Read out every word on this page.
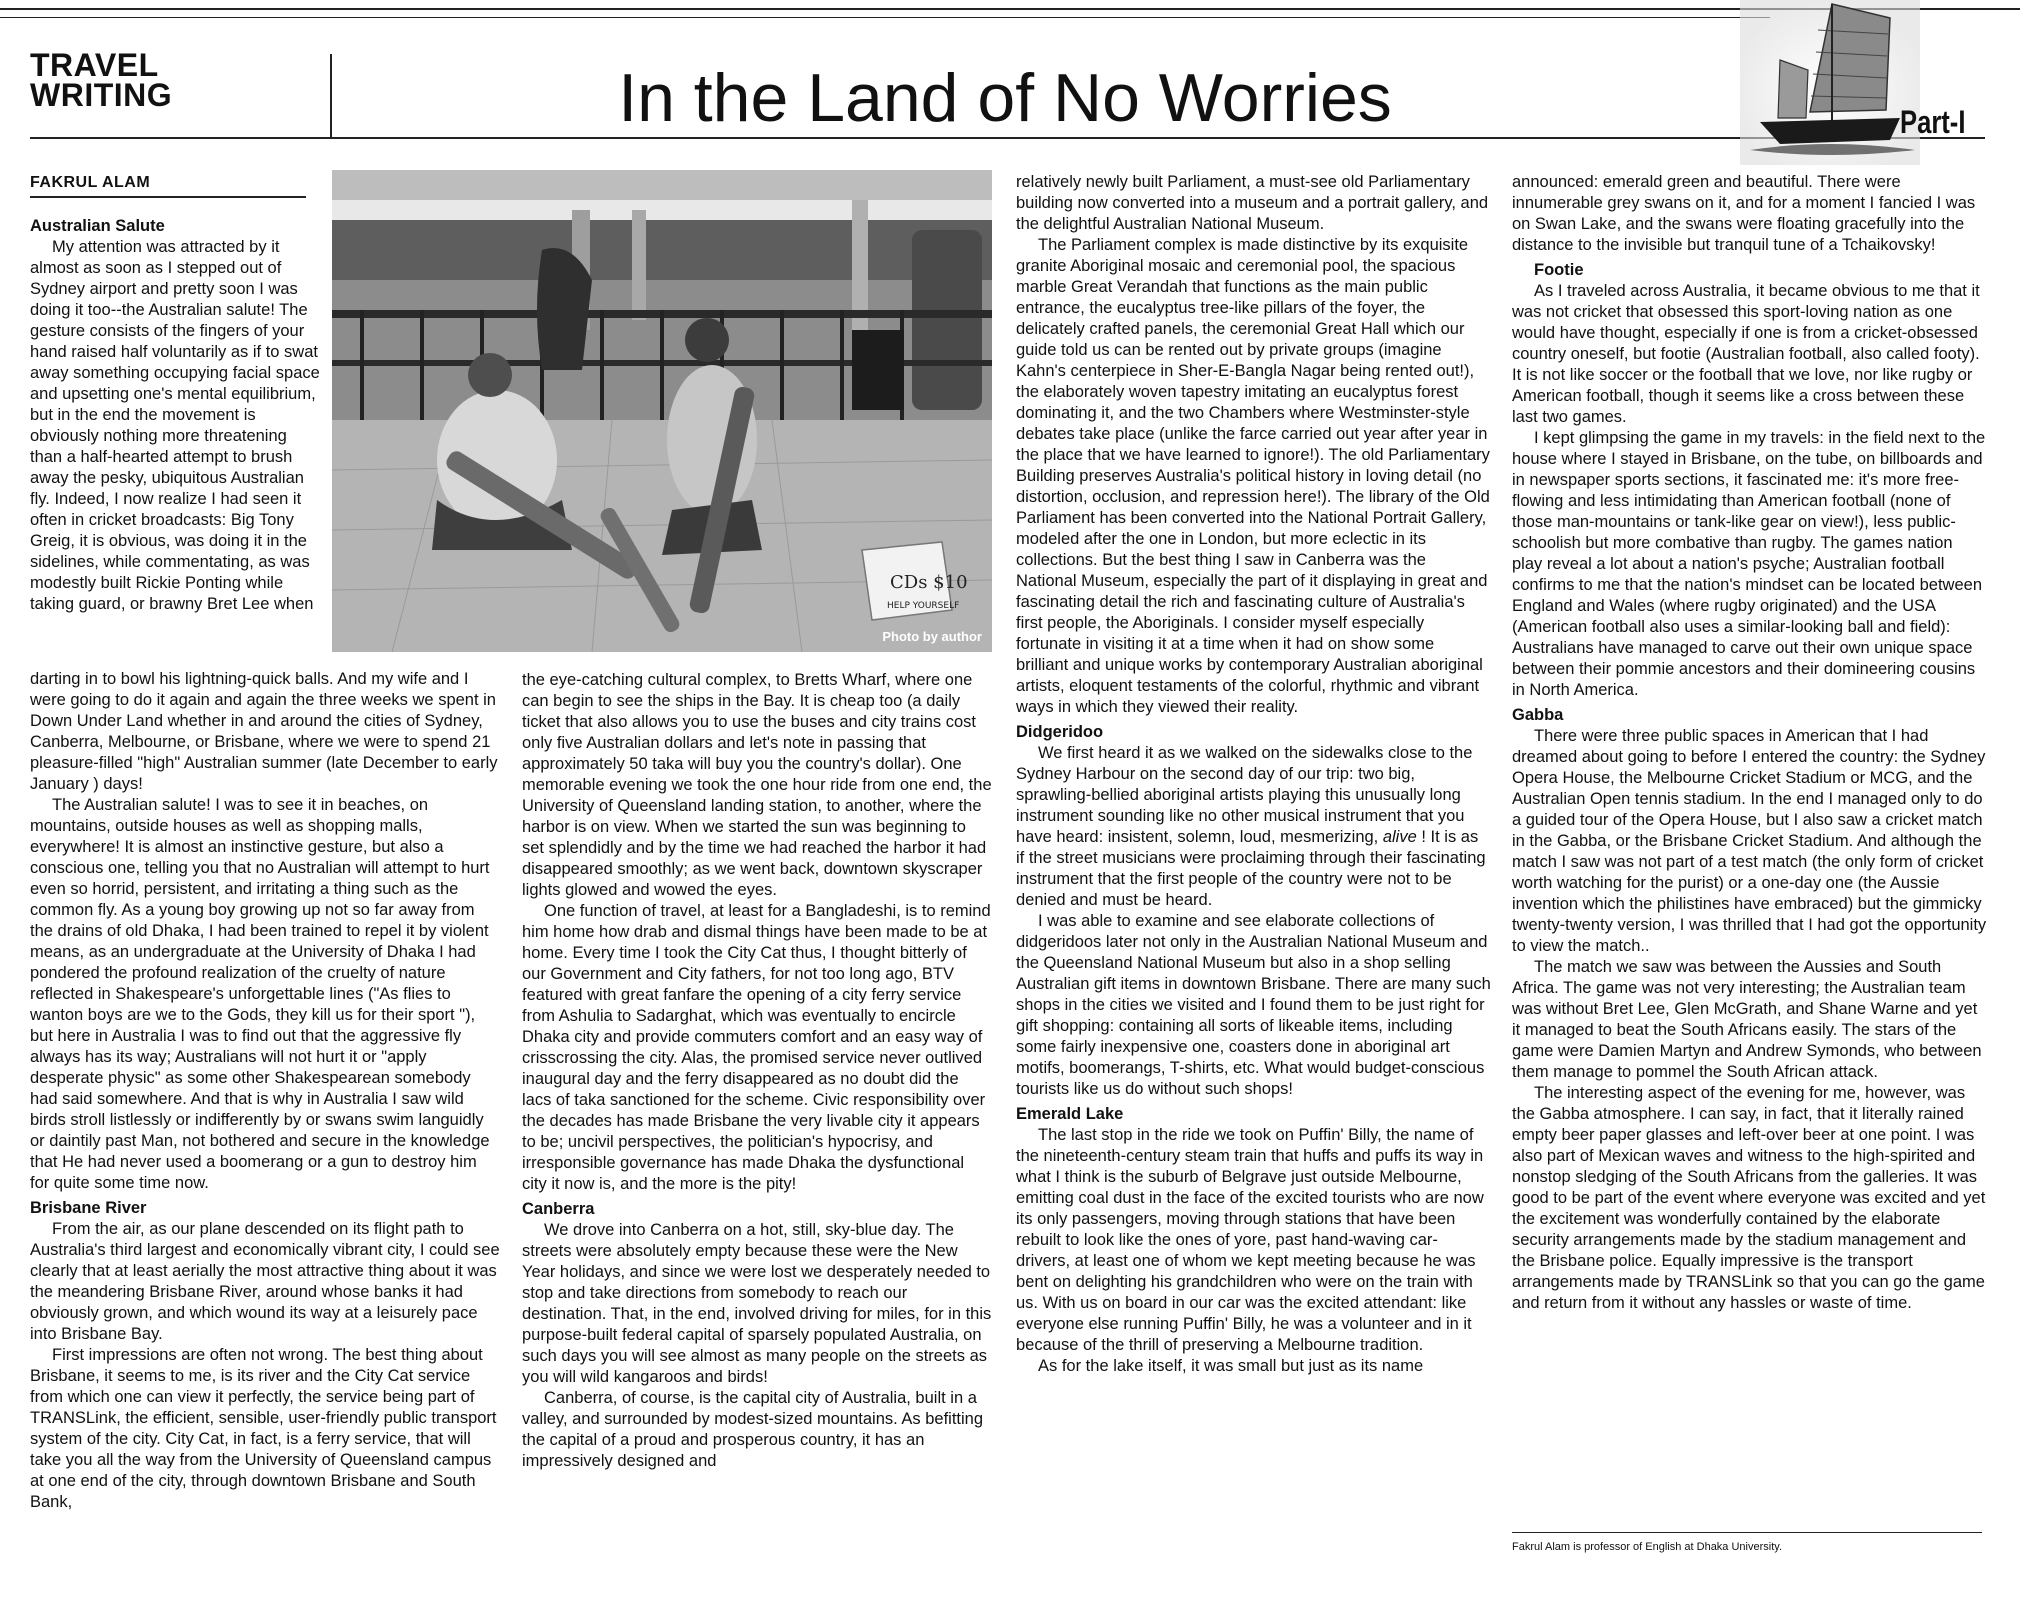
TRAVEL
WRITING	In the Land of No Worries	Part-I
FAKRUL ALAM
CDs $10
HELP YOURSELF
Photo by author
Australian Salute

My attention was attracted by it almost as soon as I stepped out of Sydney airport and pretty soon I was doing it too--the Australian salute! The gesture consists of the fingers of your hand raised half voluntarily as if to swat away something occupying facial space and upsetting one's mental equilibrium, but in the end the movement is obviously nothing more threatening than a half-hearted attempt to brush away the pesky, ubiquitous Australian fly. Indeed, I now realize I had seen it often in cricket broadcasts: Big Tony Greig, it is obvious, was doing it in the sidelines, while commentating, as was modestly built Rickie Ponting while taking guard, or brawny Bret Lee when

darting in to bowl his lightning-quick balls. And my wife and I were going to do it again and again the three weeks we spent in Down Under Land whether in and around the cities of Sydney, Canberra, Melbourne, or Brisbane, where we were to spend 21 pleasure-filled "high" Australian summer (late December to early January ) days!

The Australian salute! I was to see it in beaches, on mountains, outside houses as well as shopping malls, everywhere! It is almost an instinctive gesture, but also a conscious one, telling you that no Australian will attempt to hurt even so horrid, persistent, and irritating a thing such as the common fly. As a young boy growing up not so far away from the drains of old Dhaka, I had been trained to repel it by violent means, as an undergraduate at the University of Dhaka I had pondered the profound realization of the cruelty of nature reflected in Shakespeare's unforgettable lines ("As flies to wanton boys are we to the Gods, they kill us for their sport "), but here in Australia I was to find out that the aggressive fly always has its way; Australians will not hurt it or "apply desperate physic" as some other Shakespearean somebody had said somewhere. And that is why in Australia I saw wild birds stroll listlessly or indifferently by or swans swim languidly or daintily past Man, not bothered and secure in the knowledge that He had never used a boomerang or a gun to destroy him for quite some time now.

Brisbane River

From the air, as our plane descended on its flight path to Australia's third largest and economically vibrant city, I could see clearly that at least aerially the most attractive thing about it was the meandering Brisbane River, around whose banks it had obviously grown, and which wound its way at a leisurely pace into Brisbane Bay.

First impressions are often not wrong. The best thing about Brisbane, it seems to me, is its river and the City Cat service from which one can view it perfectly, the service being part of TRANSLink, the efficient, sensible, user-friendly public transport system of the city. City Cat, in fact, is a ferry service, that will take you all the way from the University of Queensland campus at one end of the city, through downtown Brisbane and South Bank,

the eye-catching cultural complex, to Bretts Wharf, where one can begin to see the ships in the Bay. It is cheap too (a daily ticket that also allows you to use the buses and city trains cost only five Australian dollars and let's note in passing that approximately 50 taka will buy you the country's dollar). One memorable evening we took the one hour ride from one end, the University of Queensland landing station, to another, where the harbor is on view. When we started the sun was beginning to set splendidly and by the time we had reached the harbor it had disappeared smoothly; as we went back, downtown skyscraper lights glowed and wowed the eyes.

One function of travel, at least for a Bangladeshi, is to remind him home how drab and dismal things have been made to be at home. Every time I took the City Cat thus, I thought bitterly of our Government and City fathers, for not too long ago, BTV featured with great fanfare the opening of a city ferry service from Ashulia to Sadarghat, which was eventually to encircle Dhaka city and provide commuters comfort and an easy way of crisscrossing the city. Alas, the promised service never outlived inaugural day and the ferry disappeared as no doubt did the lacs of taka sanctioned for the scheme. Civic responsibility over the decades has made Brisbane the very livable city it appears to be; uncivil perspectives, the politician's hypocrisy, and irresponsible governance has made Dhaka the dysfunctional city it now is, and the more is the pity!

Canberra

We drove into Canberra on a hot, still, sky-blue day. The streets were absolutely empty because these were the New Year holidays, and since we were lost we desperately needed to stop and take directions from somebody to reach our destination. That, in the end, involved driving for miles, for in this purpose-built federal capital of sparsely populated Australia, on such days you will see almost as many people on the streets as you will wild kangaroos and birds!

Canberra, of course, is the capital city of Australia, built in a valley, and surrounded by modest-sized mountains. As befitting the capital of a proud and prosperous country, it has an impressively designed and

relatively newly built Parliament, a must-see old Parliamentary building now converted into a museum and a portrait gallery, and the delightful Australian National Museum.

The Parliament complex is made distinctive by its exquisite granite Aboriginal mosaic and ceremonial pool, the spacious marble Great Verandah that functions as the main public entrance, the eucalyptus tree-like pillars of the foyer, the delicately crafted panels, the ceremonial Great Hall which our guide told us can be rented out by private groups (imagine Kahn's centerpiece in Sher-E-Bangla Nagar being rented out!), the elaborately woven tapestry imitating an eucalyptus forest dominating it, and the two Chambers where Westminster-style debates take place (unlike the farce carried out year after year in the place that we have learned to ignore!). The old Parliamentary Building preserves Australia's political history in loving detail (no distortion, occlusion, and repression here!). The library of the Old Parliament has been converted into the National Portrait Gallery, modeled after the one in London, but more eclectic in its collections. But the best thing I saw in Canberra was the National Museum, especially the part of it displaying in great and fascinating detail the rich and fascinating culture of Australia's first people, the Aboriginals. I consider myself especially fortunate in visiting it at a time when it had on show some brilliant and unique works by contemporary Australian aboriginal artists, eloquent testaments of the colorful, rhythmic and vibrant ways in which they viewed their reality.

Didgeridoo

We first heard it as we walked on the sidewalks close to the Sydney Harbour on the second day of our trip: two big, sprawling-bellied aboriginal artists playing this unusually long instrument sounding like no other musical instrument that you have heard: insistent, solemn, loud, mesmerizing, alive ! It is as if the street musicians were proclaiming through their fascinating instrument that the first people of the country were not to be denied and must be heard.

I was able to examine and see elaborate collections of didgeridoos later not only in the Australian National Museum and the Queensland National Museum but also in a shop selling Australian gift items in downtown Brisbane. There are many such shops in the cities we visited and I found them to be just right for gift shopping: containing all sorts of likeable items, including some fairly inexpensive one, coasters done in aboriginal art motifs, boomerangs, T-shirts, etc. What would budget-conscious tourists like us do without such shops!

Emerald Lake

The last stop in the ride we took on Puffin' Billy, the name of the nineteenth-century steam train that huffs and puffs its way in what I think is the suburb of Belgrave just outside Melbourne, emitting coal dust in the face of the excited tourists who are now its only passengers, moving through stations that have been rebuilt to look like the ones of yore, past hand-waving car-drivers, at least one of whom we kept meeting because he was bent on delighting his grandchildren who were on the train with us. With us on board in our car was the excited attendant: like everyone else running Puffin' Billy, he was a volunteer and in it because of the thrill of preserving a Melbourne tradition.

As for the lake itself, it was small but just as its name

announced: emerald green and beautiful. There were innumerable grey swans on it, and for a moment I fancied I was on Swan Lake, and the swans were floating gracefully into the distance to the invisible but tranquil tune of a Tchaikovsky!

Footie

As I traveled across Australia, it became obvious to me that it was not cricket that obsessed this sport-loving nation as one would have thought, especially if one is from a cricket-obsessed country oneself, but footie (Australian football, also called footy). It is not like soccer or the football that we love, nor like rugby or American football, though it seems like a cross between these last two games.

I kept glimpsing the game in my travels: in the field next to the house where I stayed in Brisbane, on the tube, on billboards and in newspaper sports sections, it fascinated me: it's more free-flowing and less intimidating than American football (none of those man-mountains or tank-like gear on view!), less public-schoolish but more combative than rugby. The games nation play reveal a lot about a nation's psyche; Australian football confirms to me that the nation's mindset can be located between England and Wales (where rugby originated) and the USA (American football also uses a similar-looking ball and field): Australians have managed to carve out their own unique space between their pommie ancestors and their domineering cousins in North America.

Gabba

There were three public spaces in American that I had dreamed about going to before I entered the country: the Sydney Opera House, the Melbourne Cricket Stadium or MCG, and the Australian Open tennis stadium. In the end I managed only to do a guided tour of the Opera House, but I also saw a cricket match in the Gabba, or the Brisbane Cricket Stadium. And although the match I saw was not part of a test match (the only form of cricket worth watching for the purist) or a one-day one (the Aussie invention which the philistines have embraced) but the gimmicky twenty-twenty version, I was thrilled that I had got the opportunity to view the match..

The match we saw was between the Aussies and South Africa. The game was not very interesting; the Australian team was without Bret Lee, Glen McGrath, and Shane Warne and yet it managed to beat the South Africans easily. The stars of the game were Damien Martyn and Andrew Symonds, who between them manage to pommel the South African attack.

The interesting aspect of the evening for me, however, was the Gabba atmosphere. I can say, in fact, that it literally rained empty beer paper glasses and left-over beer at one point. I was also part of Mexican waves and witness to the high-spirited and nonstop sledging of the South Africans from the galleries. It was good to be part of the event where everyone was excited and yet the excitement was wonderfully contained by the elaborate security arrangements made by the stadium management and the Brisbane police. Equally impressive is the transport arrangements made by TRANSLink so that you can go the game and return from it without any hassles or waste of time.

Fakrul Alam is professor of English at Dhaka University.
